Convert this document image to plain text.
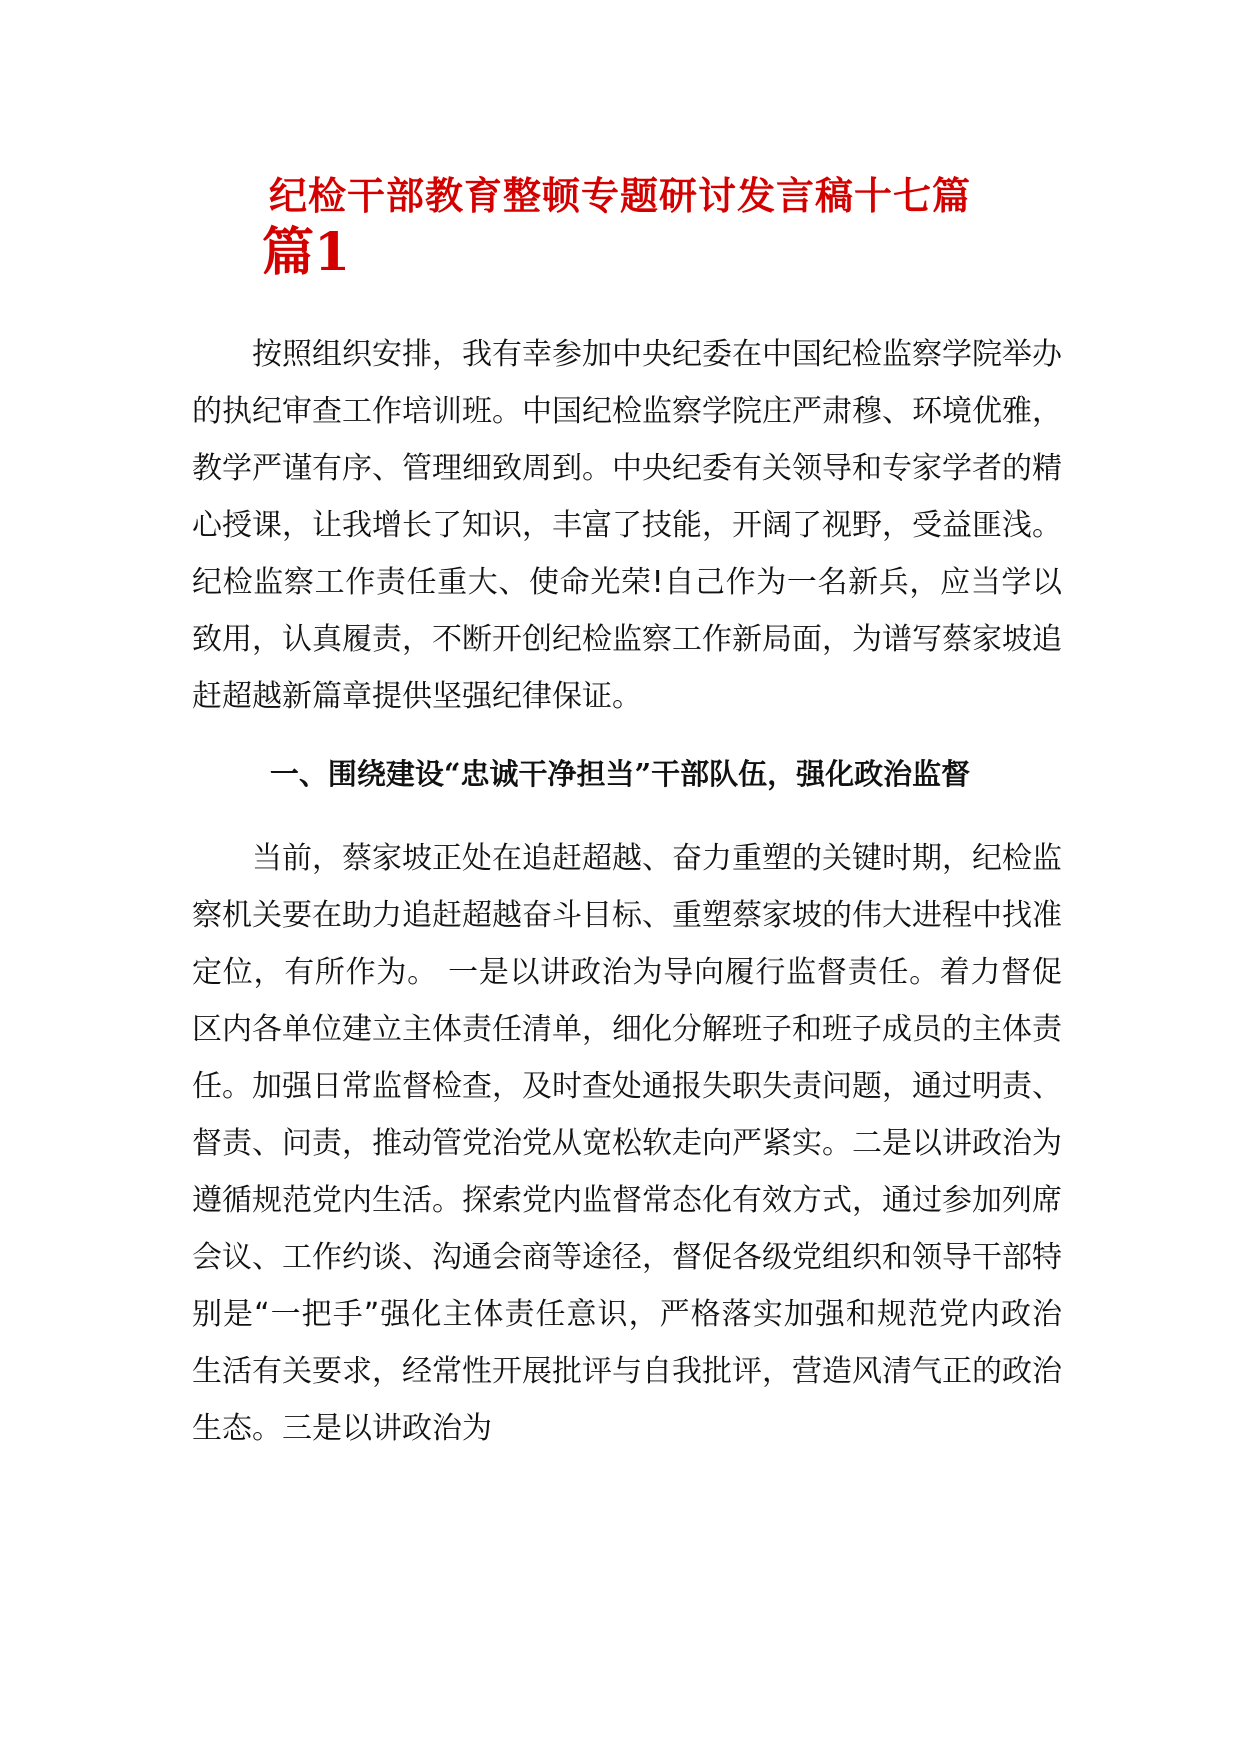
纪检干部教育整顿专题研讨发言稿十七篇
篇1

按照组织安排，我有幸参加中央纪委在中国纪检监察学院举办的执纪审查工作培训班。中国纪检监察学院庄严肃穆、环境优雅，教学严谨有序、管理细致周到。中央纪委有关领导和专家学者的精心授课，让我增长了知识，丰富了技能，开阔了视野，受益匪浅。纪检监察工作责任重大、使命光荣!自己作为一名新兵，应当学以致用，认真履责，不断开创纪检监察工作新局面，为谱写蔡家坡追赶超越新篇章提供坚强纪律保证。

一、围绕建设“忠诚干净担当”干部队伍，强化政治监督

当前，蔡家坡正处在追赶超越、奋力重塑的关键时期，纪检监察机关要在助力追赶超越奋斗目标、重塑蔡家坡的伟大进程中找准定位，有所作为。 一是以讲政治为导向履行监督责任。着力督促区内各单位建立主体责任清单，细化分解班子和班子成员的主体责任。加强日常监督检查，及时查处通报失职失责问题，通过明责、督责、问责，推动管党治党从宽松软走向严紧实。二是以讲政治为遵循规范党内生活。探索党内监督常态化有效方式，通过参加列席会议、工作约谈、沟通会商等途径，督促各级党组织和领导干部特别是“一把手”强化主体责任意识，严格落实加强和规范党内政治生活有关要求，经常性开展批评与自我批评，营造风清气正的政治生态。三是以讲政治为
